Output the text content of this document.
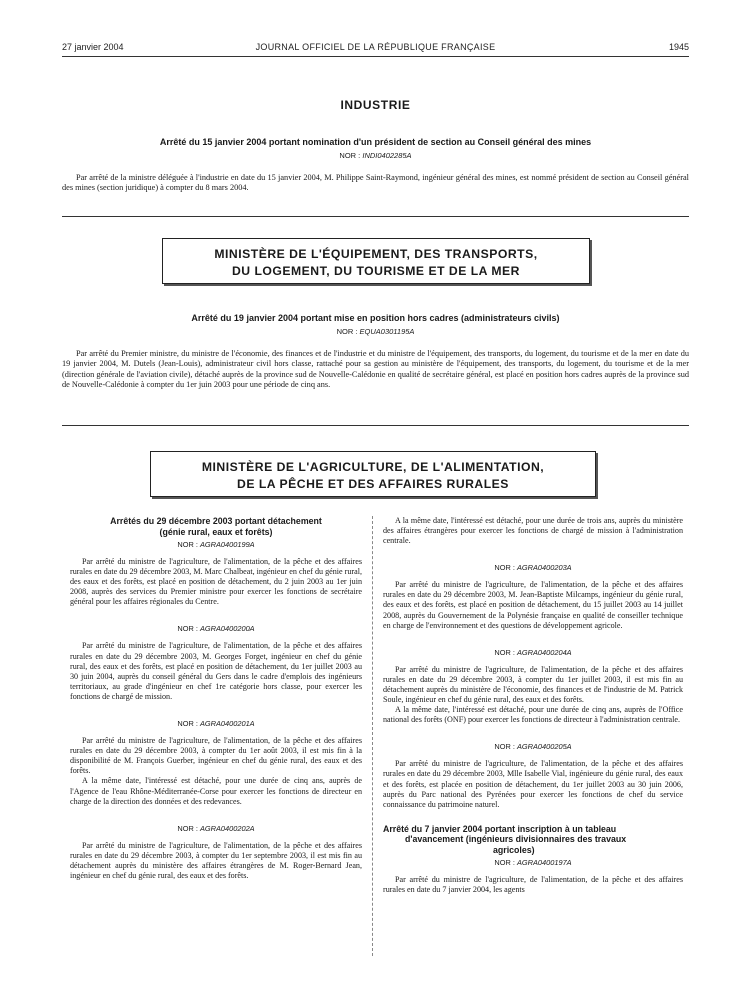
27 janvier 2004	JOURNAL OFFICIEL DE LA RÉPUBLIQUE FRANÇAISE	1945
INDUSTRIE
Arrêté du 15 janvier 2004 portant nomination d'un président de section au Conseil général des mines
NOR : INDI0402285A

Par arrêté de la ministre déléguée à l'industrie en date du 15 janvier 2004, M. Philippe Saint-Raymond, ingénieur général des mines, est nommé président de section au Conseil général des mines (section juridique) à compter du 8 mars 2004.

MINISTÈRE DE L'ÉQUIPEMENT, DES TRANSPORTS,
DU LOGEMENT, DU TOURISME ET DE LA MER
Arrêté du 19 janvier 2004 portant mise en position hors cadres (administrateurs civils)
NOR : EQUA0301195A

Par arrêté du Premier ministre, du ministre de l'économie, des finances et de l'industrie et du ministre de l'équipement, des transports, du logement, du tourisme et de la mer en date du 19 janvier 2004, M. Dutels (Jean-Louis), administrateur civil hors classe, rattaché pour sa gestion au ministère de l'équipement, des transports, du logement, du tourisme et de la mer (direction générale de l'aviation civile), détaché auprès de la province sud de Nouvelle-Calédonie en qualité de secrétaire général, est placé en position hors cadres auprès de la province sud de Nouvelle-Calédonie à compter du 1er juin 2003 pour une période de cinq ans.

MINISTÈRE DE L'AGRICULTURE, DE L'ALIMENTATION,
DE LA PÊCHE ET DES AFFAIRES RURALES

Arrêtés du 29 décembre 2003 portant détachement
(génie rural, eaux et forêts)

NOR : AGRA0400199A

Par arrêté du ministre de l'agriculture, de l'alimentation, de la pêche et des affaires rurales en date du 29 décembre 2003, M. Marc Chalbeat, ingénieur en chef du génie rural, des eaux et des forêts, est placé en position de détachement, du 2 juin 2003 au 1er juin 2008, auprès des services du Premier ministre pour exercer les fonctions de secrétaire général pour les affaires régionales du Centre.

NOR : AGRA0400200A

Par arrêté du ministre de l'agriculture, de l'alimentation, de la pêche et des affaires rurales en date du 29 décembre 2003, M. Georges Forget, ingénieur en chef du génie rural, des eaux et des forêts, est placé en position de détachement, du 1er juillet 2003 au 30 juin 2004, auprès du conseil général du Gers dans le cadre d'emplois des ingénieurs territoriaux, au grade d'ingénieur en chef 1re catégorie hors classe, pour exercer les fonctions de chargé de mission.

NOR : AGRA0400201A

Par arrêté du ministre de l'agriculture, de l'alimentation, de la pêche et des affaires rurales en date du 29 décembre 2003, à compter du 1er août 2003, il est mis fin à la disponibilité de M. François Guerber, ingénieur en chef du génie rural, des eaux et des forêts.

A la même date, l'intéressé est détaché, pour une durée de cinq ans, auprès de l'Agence de l'eau Rhône-Méditerranée-Corse pour exercer les fonctions de directeur en charge de la direction des données et des redevances.

NOR : AGRA0400202A

Par arrêté du ministre de l'agriculture, de l'alimentation, de la pêche et des affaires rurales en date du 29 décembre 2003, à compter du 1er septembre 2003, il est mis fin au détachement auprès du ministère des affaires étrangères de M. Roger-Bernard Jean, ingénieur en chef du génie rural, des eaux et des forêts.

A la même date, l'intéressé est détaché, pour une durée de trois ans, auprès du ministère des affaires étrangères pour exercer les fonctions de chargé de mission à l'administration centrale.

NOR : AGRA0400203A

Par arrêté du ministre de l'agriculture, de l'alimentation, de la pêche et des affaires rurales en date du 29 décembre 2003, M. Jean-Baptiste Milcamps, ingénieur du génie rural, des eaux et des forêts, est placé en position de détachement, du 15 juillet 2003 au 14 juillet 2008, auprès du Gouvernement de la Polynésie française en qualité de conseiller technique en charge de l'environnement et des questions de développement agricole.

NOR : AGRA0400204A

Par arrêté du ministre de l'agriculture, de l'alimentation, de la pêche et des affaires rurales en date du 29 décembre 2003, à compter du 1er juillet 2003, il est mis fin au détachement auprès du ministère de l'économie, des finances et de l'industrie de M. Patrick Soule, ingénieur en chef du génie rural, des eaux et des forêts.

A la même date, l'intéressé est détaché, pour une durée de cinq ans, auprès de l'Office national des forêts (ONF) pour exercer les fonctions de directeur à l'administration centrale.

NOR : AGRA0400205A

Par arrêté du ministre de l'agriculture, de l'alimentation, de la pêche et des affaires rurales en date du 29 décembre 2003, Mlle Isabelle Vial, ingénieure du génie rural, des eaux et des forêts, est placée en position de détachement, du 1er juillet 2003 au 30 juin 2006, auprès du Parc national des Pyrénées pour exercer les fonctions de chef du service connaissance du patrimoine naturel.

Arrêté du 7 janvier 2004 portant inscription à un tableau
d'avancement (ingénieurs divisionnaires des travaux
agricoles)

NOR : AGRA0400197A

Par arrêté du ministre de l'agriculture, de l'alimentation, de la pêche et des affaires rurales en date du 7 janvier 2004, les agents
